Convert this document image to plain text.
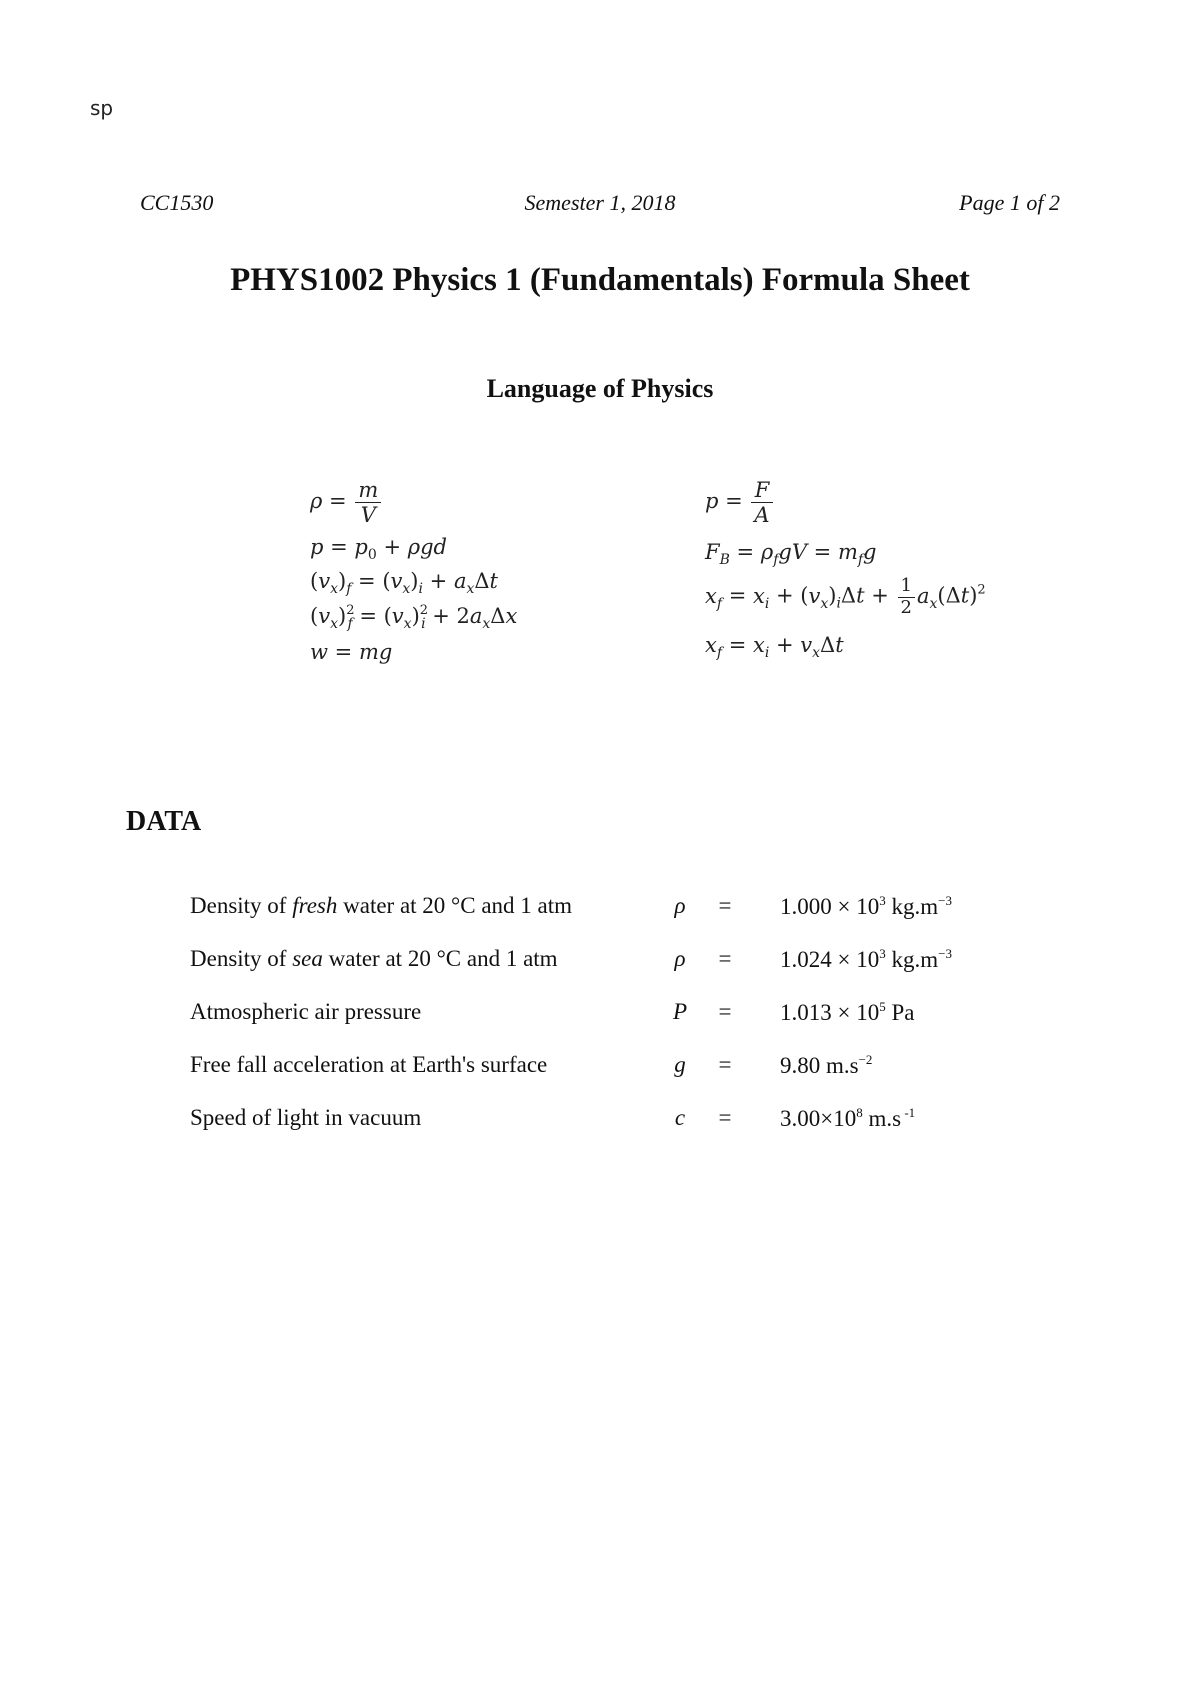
sp
CC1530	Semester 1, 2018	Page 1 of 2
PHYS1002 Physics 1 (Fundamentals) Formula Sheet
Language of Physics
$\rho = \frac{m}{V}$
$p = p_0 + \rho gd$
$(v_x)_f = (v_x)_i + a_x\Delta t$
$(v_x)^2_f = (v_x)^2_i + 2a_x\Delta x$
w = mg
$p = \frac{F}{A}$
$F_B = \rho_fgV = m_fg$
$x_f = x_i + (v_x)_i\Delta t + \frac{1}{2} a_x(\Delta t)^2$
$x_f = x_i + v_x\Delta t$
DATA
Density of fresh water at 20 °C and 1 atm	ρ	=	$1.000 \times 10^3$ $kg.m^{-3}$
Density of sea water at 20 °C and 1 atm	ρ	=	$1.024 \times 10^3$ $kg.m^{-3}$
Atmospheric air pressure	P	=	$1.013 \times 10^5$ Pa
Free fall acceleration at Earth's surface	g	=	9.80 $m.s^{-2}$
Speed of light in vacuum	c	=	$3.00\times 10^8$ m.s $^{-1}$
